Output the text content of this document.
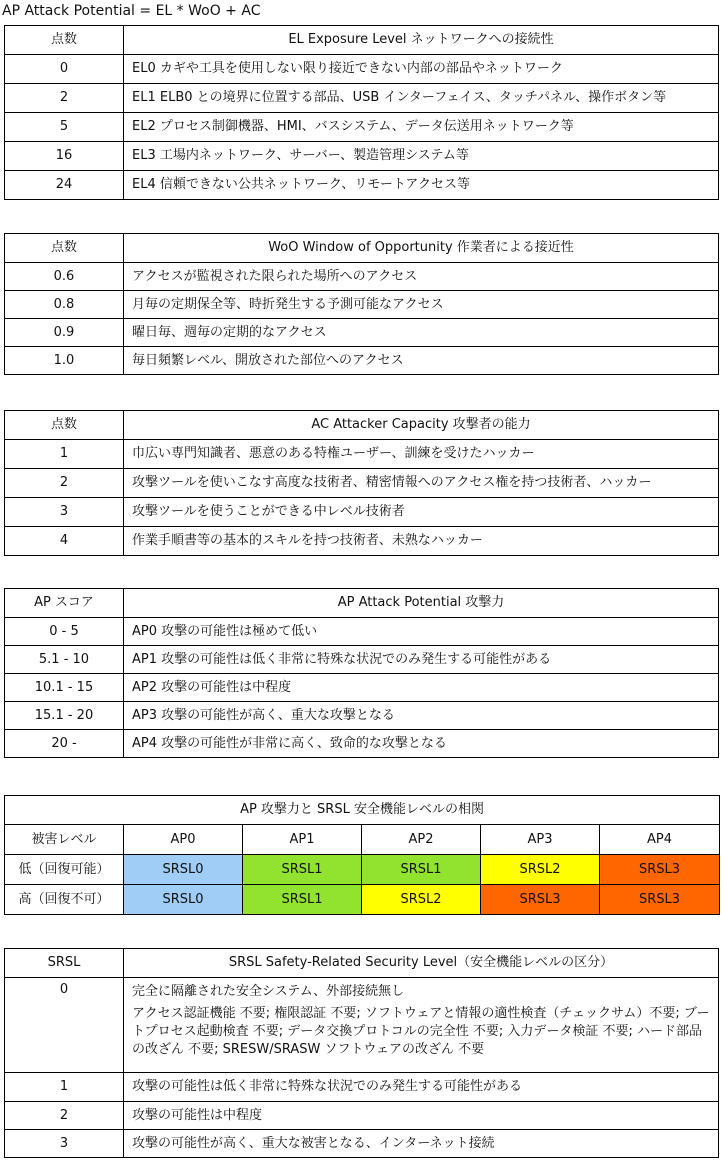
AP Attack Potential = EL * WoO + AC
点数	EL Exposure Level ネットワークへの接続性
0	EL0 カギや工具を使用しない限り接近できない内部の部品やネットワーク
2	EL1 ELB0 との境界に位置する部品、USB インターフェイス、タッチパネル、操作ボタン等
5	EL2 プロセス制御機器、HMI、バスシステム、データ伝送用ネットワーク等
16	EL3 工場内ネットワーク、サーバー、製造管理システム等
24	EL4 信頼できない公共ネットワーク、リモートアクセス等
点数	WoO Window of Opportunity 作業者による接近性
0.6	アクセスが監視された限られた場所へのアクセス
0.8	月毎の定期保全等、時折発生する予測可能なアクセス
0.9	曜日毎、週毎の定期的なアクセス
1.0	毎日頻繁レベル、開放された部位へのアクセス
点数	AC Attacker Capacity 攻撃者の能力
1	巾広い専門知識者、悪意のある特権ユーザー、訓練を受けたハッカー
2	攻撃ツールを使いこなす高度な技術者、精密情報へのアクセス権を持つ技術者、ハッカー
3	攻撃ツールを使うことができる中レベル技術者
4	作業手順書等の基本的スキルを持つ技術者、未熟なハッカー
AP スコア	AP Attack Potential 攻撃力
0 - 5	AP0 攻撃の可能性は極めて低い
5.1 - 10	AP1 攻撃の可能性は低く非常に特殊な状況でのみ発生する可能性がある
10.1 - 15	AP2 攻撃の可能性は中程度
15.1 - 20	AP3 攻撃の可能性が高く、重大な攻撃となる
20 -	AP4 攻撃の可能性が非常に高く、致命的な攻撃となる
AP 攻撃力と SRSL 安全機能レベルの相関					
被害レベル	AP0	AP1	AP2	AP3	AP4
低（回復可能）	SRSL0	SRSL1	SRSL1	SRSL2	SRSL3
高（回復不可）	SRSL0	SRSL1	SRSL2	SRSL3	SRSL3
SRSL	SRSL Safety-Related Security Level（安全機能レベルの区分）
0	完全に隔離された安全システム、外部接続無し

アクセス認証機能 不要; 権限認証 不要; ソフトウェアと情報の適性検査（チェックサム）不要; ブートプロセス起動検査 不要; データ交換プロトコルの完全性 不要; 入力データ検証 不要; ハード部品の改ざん 不要; SRESW/SRASW ソフトウェアの改ざん 不要

1	攻撃の可能性は低く非常に特殊な状況でのみ発生する可能性がある
2	攻撃の可能性は中程度
3	攻撃の可能性が高く、重大な被害となる、インターネット接続
